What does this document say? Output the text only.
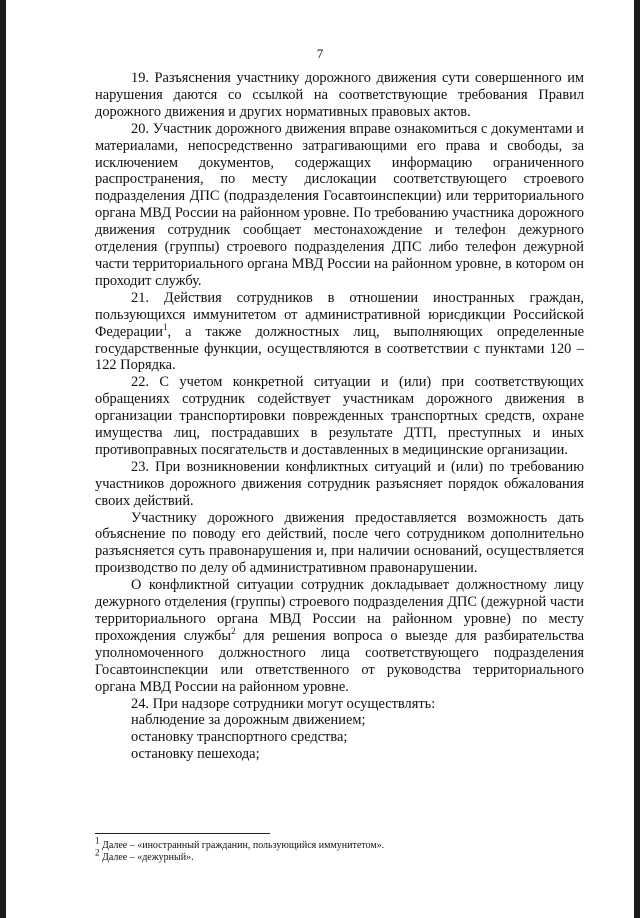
7

19. Разъяснения участнику дорожного движения сути совершенного им нарушения даются со ссылкой на соответствующие требования Правил дорожного движения и других нормативных правовых актов.

20. Участник дорожного движения вправе ознакомиться с документами и материалами, непосредственно затрагивающими его права и свободы, за исключением документов, содержащих информацию ограниченного распространения, по месту дислокации соответствующего строевого подразделения ДПС (подразделения Госавтоинспекции) или территориального органа МВД России на районном уровне. По требованию участника дорожного движения сотрудник сообщает местонахождение и телефон дежурного отделения (группы) строевого подразделения ДПС либо телефон дежурной части территориального органа МВД России на районном уровне, в котором он проходит службу.

21. Действия сотрудников в отношении иностранных граждан, пользующихся иммунитетом от административной юрисдикции Российской Федерации$^1$, а также должностных лиц, выполняющих определенные государственные функции, осуществляются в соответствии с пунктами 120 – 122 Порядка.

22. С учетом конкретной ситуации и (или) при соответствующих обращениях сотрудник содействует участникам дорожного движения в организации транспортировки поврежденных транспортных средств, охране имущества лиц, пострадавших в результате ДТП, преступных и иных противоправных посягательств и доставленных в медицинские организации.

23. При возникновении конфликтных ситуаций и (или) по требованию участников дорожного движения сотрудник разъясняет порядок обжалования своих действий.

Участнику дорожного движения предоставляется возможность дать объяснение по поводу его действий, после чего сотрудником дополнительно разъясняется суть правонарушения и, при наличии оснований, осуществляется производство по делу об административном правонарушении.

О конфликтной ситуации сотрудник докладывает должностному лицу дежурного отделения (группы) строевого подразделения ДПС (дежурной части территориального органа МВД России на районном уровне) по месту прохождения службы$^2$ для решения вопроса о выезде для разбирательства уполномоченного должностного лица соответствующего подразделения Госавтоинспекции или ответственного от руководства территориального органа МВД России на районном уровне.

24. При надзоре сотрудники могут осуществлять:

наблюдение за дорожным движением;

остановку транспортного средства;

остановку пешехода;

$^1$ Далее – «иностранный гражданин, пользующийся иммунитетом».
$^2$ Далее – «дежурный».
